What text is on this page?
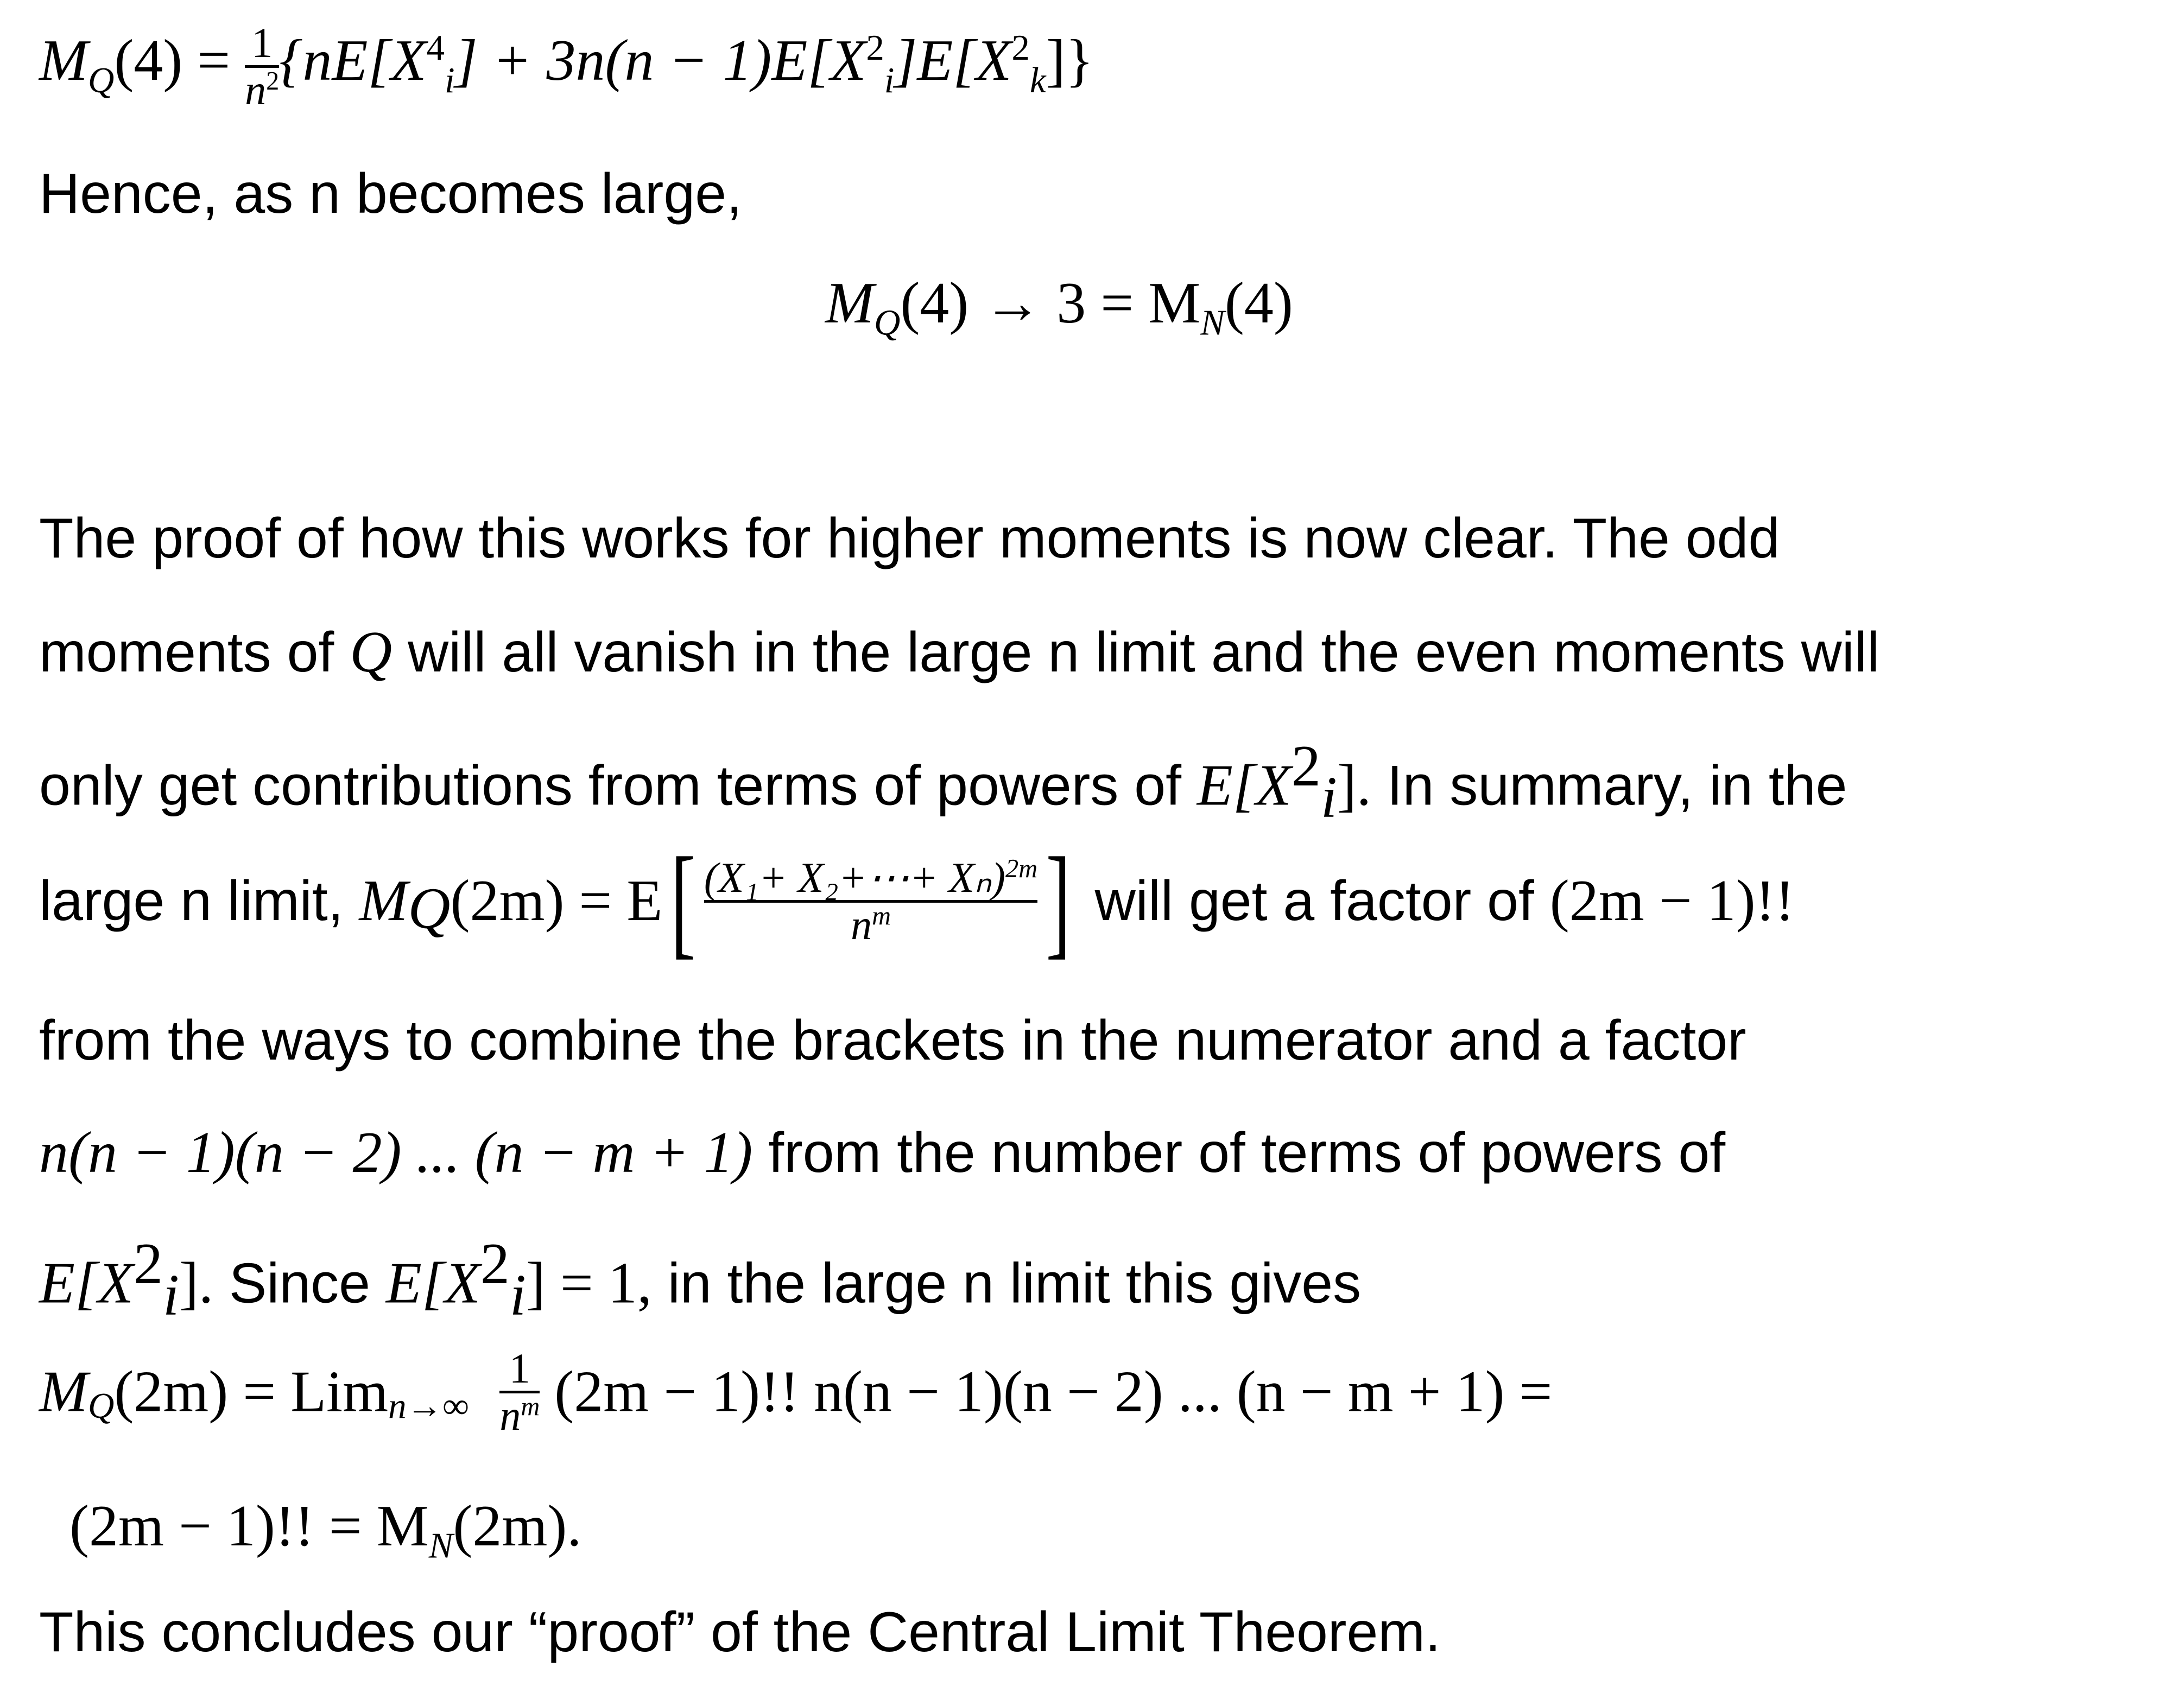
$M_Q(4) = 1$
$n^2$ $\{nE[X^4_i] + 3n(n - 1)E[X^2_i]E[X^2_k]\}$
Hence, as n becomes large,
$M_Q(4) \to 3 = M_N(4)$
The proof of how this works for higher moments is now clear. The odd
moments of Q will all vanish in the large n limit and the even moments will
only get contributions from terms of powers of $E[X^2_i]$. In summary, in the
large n limit, $M_Q(2m) = E$[ (X₁+ X₂+⋯+ Xₙ)$^{2m}$
$n^m$	] will get a factor of (2m − 1)!!
from the ways to combine the brackets in the numerator and a factor
n(n − 1)(n − 2) ... (n − m + 1) from the number of terms of powers of
$E[X^2_i]$. Since $E[X^2_i] = 1$, in the large n limit this gives
$M_Q(2m) = Lim_{n\to\infty}$
1
$n^m$ (2m − 1)!! n(n − 1)(n − 2) ... (n − m + 1) =
(2m − 1)!! = $M_N(2m)$.
This concludes our “proof” of the Central Limit Theorem.
